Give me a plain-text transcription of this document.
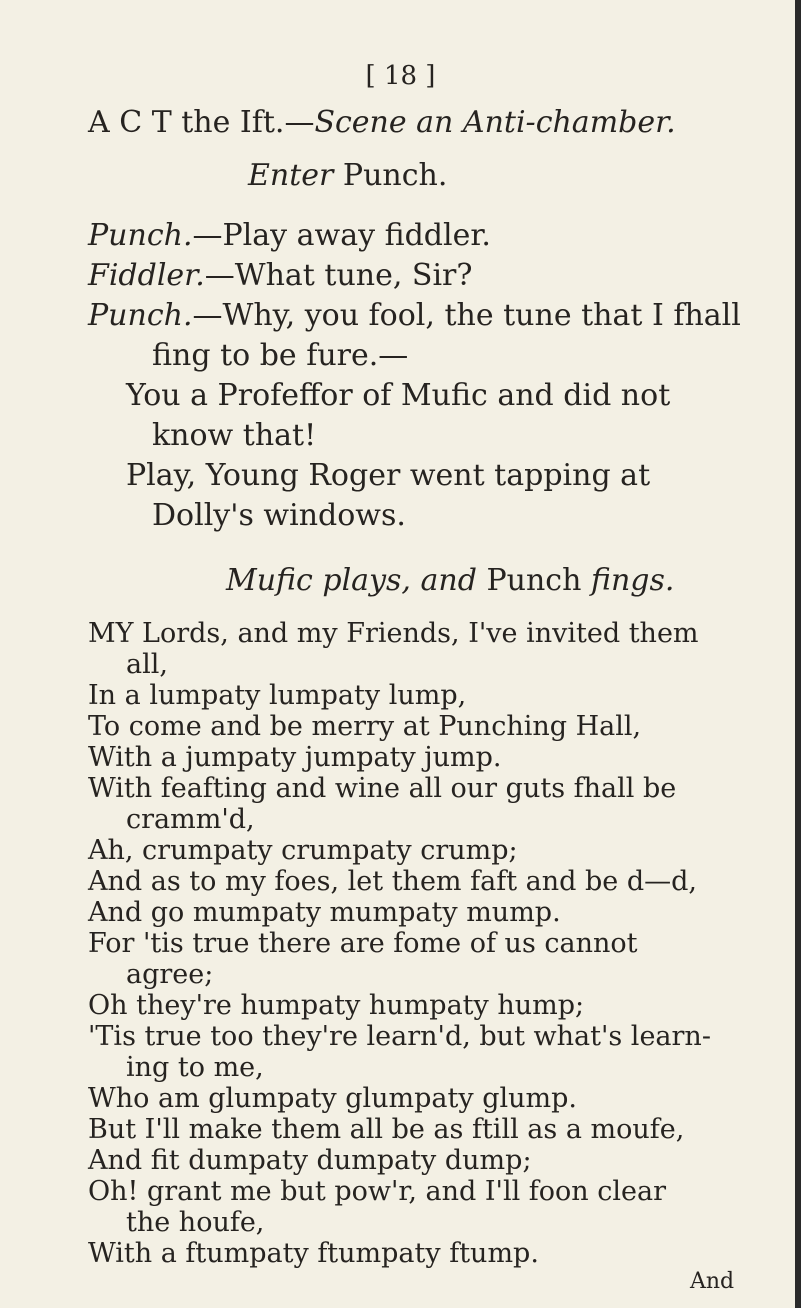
[ 18 ]
A C T the Ift.—Scene an Anti-chamber.
Enter Punch.
Punch.—Play away fiddler.
Fiddler.—What tune, Sir?
Punch.—Why, you fool, the tune that I fhall
fing to be fure.—
You a Profeffor of Mufic and did not
know that!
Play, Young Roger went tapping at
Dolly's windows.
Mufic plays, and Punch fings.
MY Lords, and my Friends, I've invited them
all,
In a lumpaty lumpaty lump,
To come and be merry at Punching Hall,
With a jumpaty jumpaty jump.
With feafting and wine all our guts fhall be
cramm'd,
Ah, crumpaty crumpaty crump;
And as to my foes, let them faft and be d—d,
And go mumpaty mumpaty mump.
For 'tis true there are fome of us cannot
agree;
Oh they're humpaty humpaty hump;
'Tis true too they're learn'd, but what's learn-
ing to me,
Who am glumpaty glumpaty glump.
But I'll make them all be as ftill as a moufe,
And fit dumpaty dumpaty dump;
Oh! grant me but pow'r, and I'll foon clear
the houfe,
With a ftumpaty ftumpaty ftump.
And
